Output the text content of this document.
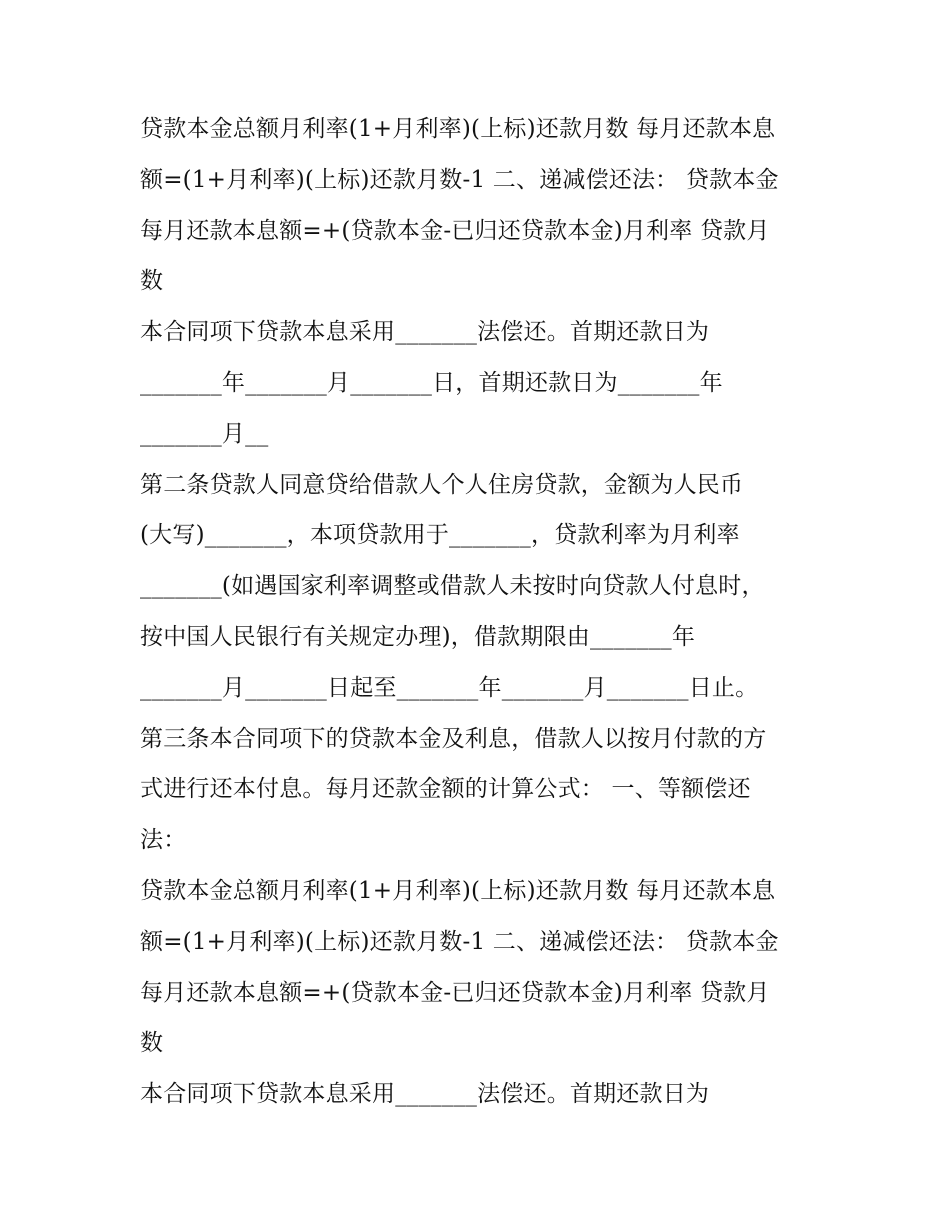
贷款本金总额月利率(1+月利率)(上标)还款月数 每月还款本息
额=(1+月利率)(上标)还款月数-1 二、递减偿还法： 贷款本金
每月还款本息额=+(贷款本金-已归还贷款本金)月利率 贷款月
数
本合同项下贷款本息采用_______法偿还。首期还款日为
_______年_______月_______日，首期还款日为_______年
_______月__
第二条贷款人同意贷给借款人个人住房贷款，金额为人民币
(大写)_______，本项贷款用于_______，贷款利率为月利率
_______(如遇国家利率调整或借款人未按时向贷款人付息时，
按中国人民银行有关规定办理)，借款期限由_______年
_______月_______日起至_______年_______月_______日止。
第三条本合同项下的贷款本金及利息，借款人以按月付款的方
式进行还本付息。每月还款金额的计算公式： 一、等额偿还
法：
贷款本金总额月利率(1+月利率)(上标)还款月数 每月还款本息
额=(1+月利率)(上标)还款月数-1 二、递减偿还法： 贷款本金
每月还款本息额=+(贷款本金-已归还贷款本金)月利率 贷款月
数
本合同项下贷款本息采用_______法偿还。首期还款日为
